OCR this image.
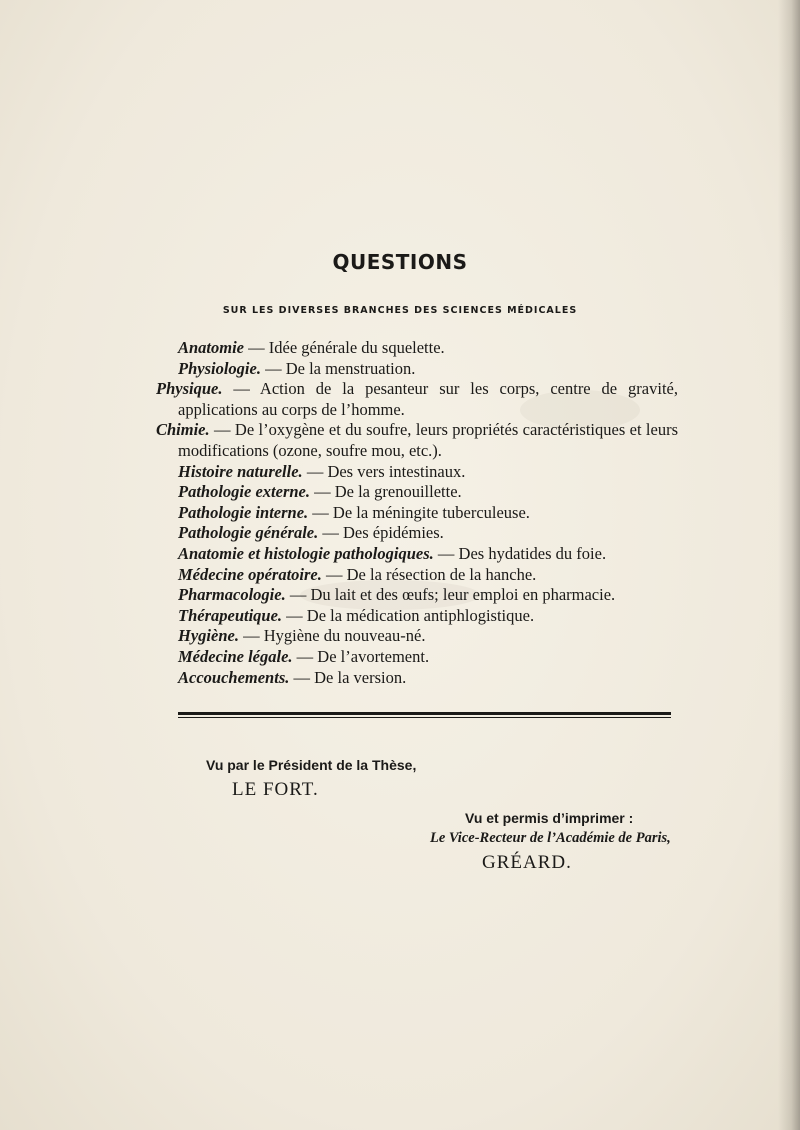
QUESTIONS
SUR LES DIVERSES BRANCHES DES SCIENCES MÉDICALES

Anatomie — Idée générale du squelette.

Physiologie. — De la menstruation.

Physique. — Action de la pesanteur sur les corps, centre de gravité, applications au corps de l’homme.

Chimie. — De l’oxygène et du soufre, leurs propriétés caractéristiques et leurs modifications (ozone, soufre mou, etc.).

Histoire naturelle. — Des vers intestinaux.

Pathologie externe. — De la grenouillette.

Pathologie interne. — De la méningite tuberculeuse.

Pathologie générale. — Des épidémies.

Anatomie et histologie pathologiques. — Des hydatides du foie.

Médecine opératoire. — De la résection de la hanche.

Pharmacologie. — Du lait et des œufs; leur emploi en pharmacie.

Thérapeutique. — De la médication antiphlogistique.

Hygiène. — Hygiène du nouveau-né.

Médecine légale. — De l’avortement.

Accouchements. — De la version.

Vu par le Président de la Thèse,
LE FORT.
Vu et permis d’imprimer :
Le Vice-Recteur de l’Académie de Paris,
GRÉARD.
